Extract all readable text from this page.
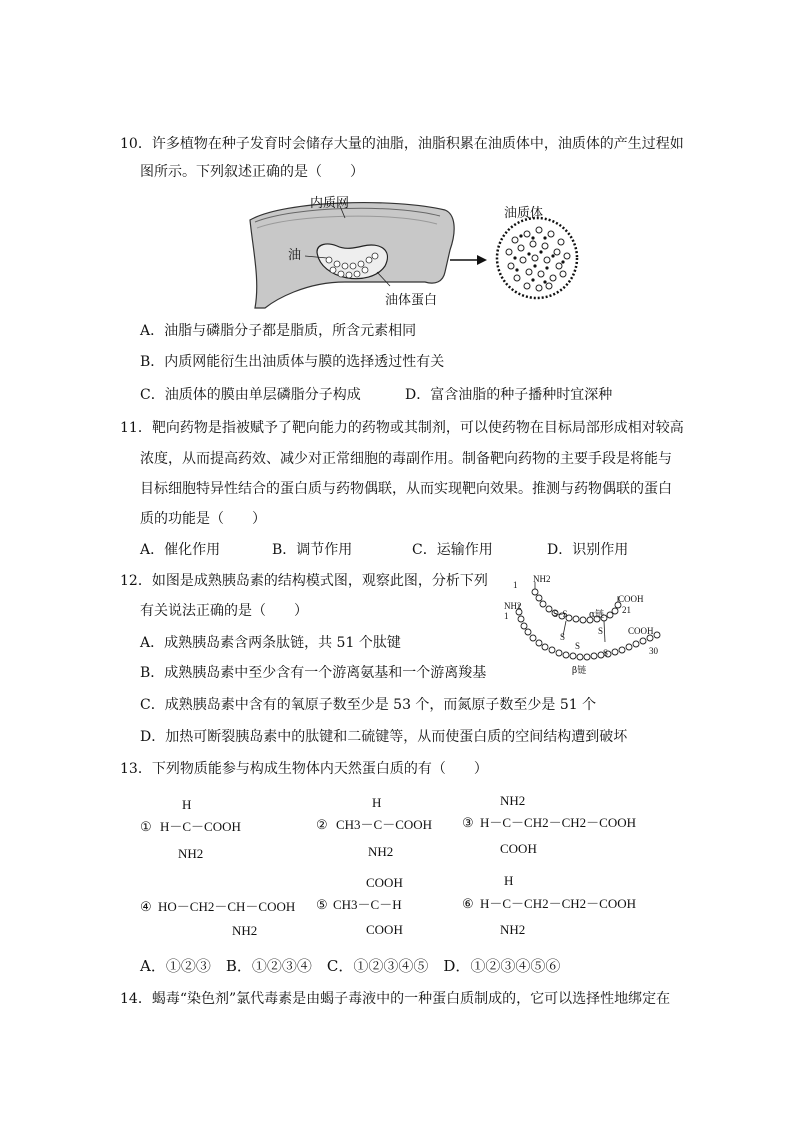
10．许多植物在种子发育时会储存大量的油脂，油脂积累在油质体中，油质体的产生过程如
图所示。下列叙述正确的是（　　）
内质网
油
油体蛋白
油质体
A．油脂与磷脂分子都是脂质，所含元素相同
B．内质网能衍生出油质体与膜的选择透过性有关
C．油质体的膜由单层磷脂分子构成	D．富含油脂的种子播种时宜深种
11．靶向药物是指被赋予了靶向能力的药物或其制剂，可以使药物在目标局部形成相对较高
浓度，从而提高药效、减少对正常细胞的毒副作用。制备靶向药物的主要手段是将能与
目标细胞特异性结合的蛋白质与药物偶联，从而实现靶向效果。推测与药物偶联的蛋白
质的功能是（　　）
A．催化作用	B．调节作用	C．运输作用	D．识别作用
12．如图是成熟胰岛素的结构模式图，观察此图，分析下列
有关说法正确的是（　　）
1
NH2
NH2
1
COOH
21
COOH
30
S–S
S
S
S
S
α链
β链
A．成熟胰岛素含两条肽链，共 51 个肽键
B．成熟胰岛素中至少含有一个游离氨基和一个游离羧基
C．成熟胰岛素中含有的氧原子数至少是 53 个，而氮原子数至少是 51 个
D．加热可断裂胰岛素中的肽键和二硫键等，从而使蛋白质的空间结构遭到破坏
13．下列物质能参与构成生物体内天然蛋白质的有（　　）
①
H
H－C－COOH
NH2
②
H
CH3－C－COOH
NH2
③
NH2
H－C－CH2－CH2－COOH
COOH
④ HO－CH2－CH－COOH
NH2
⑤
COOH
CH3－C－H
COOH
⑥
H
H－C－CH2－CH2－COOH
NH2
A．①②③　B．①②③④　C．①②③④⑤　D．①②③④⑤⑥
14．蝎毒“染色剂”氯代毒素是由蝎子毒液中的一种蛋白质制成的，它可以选择性地绑定在
